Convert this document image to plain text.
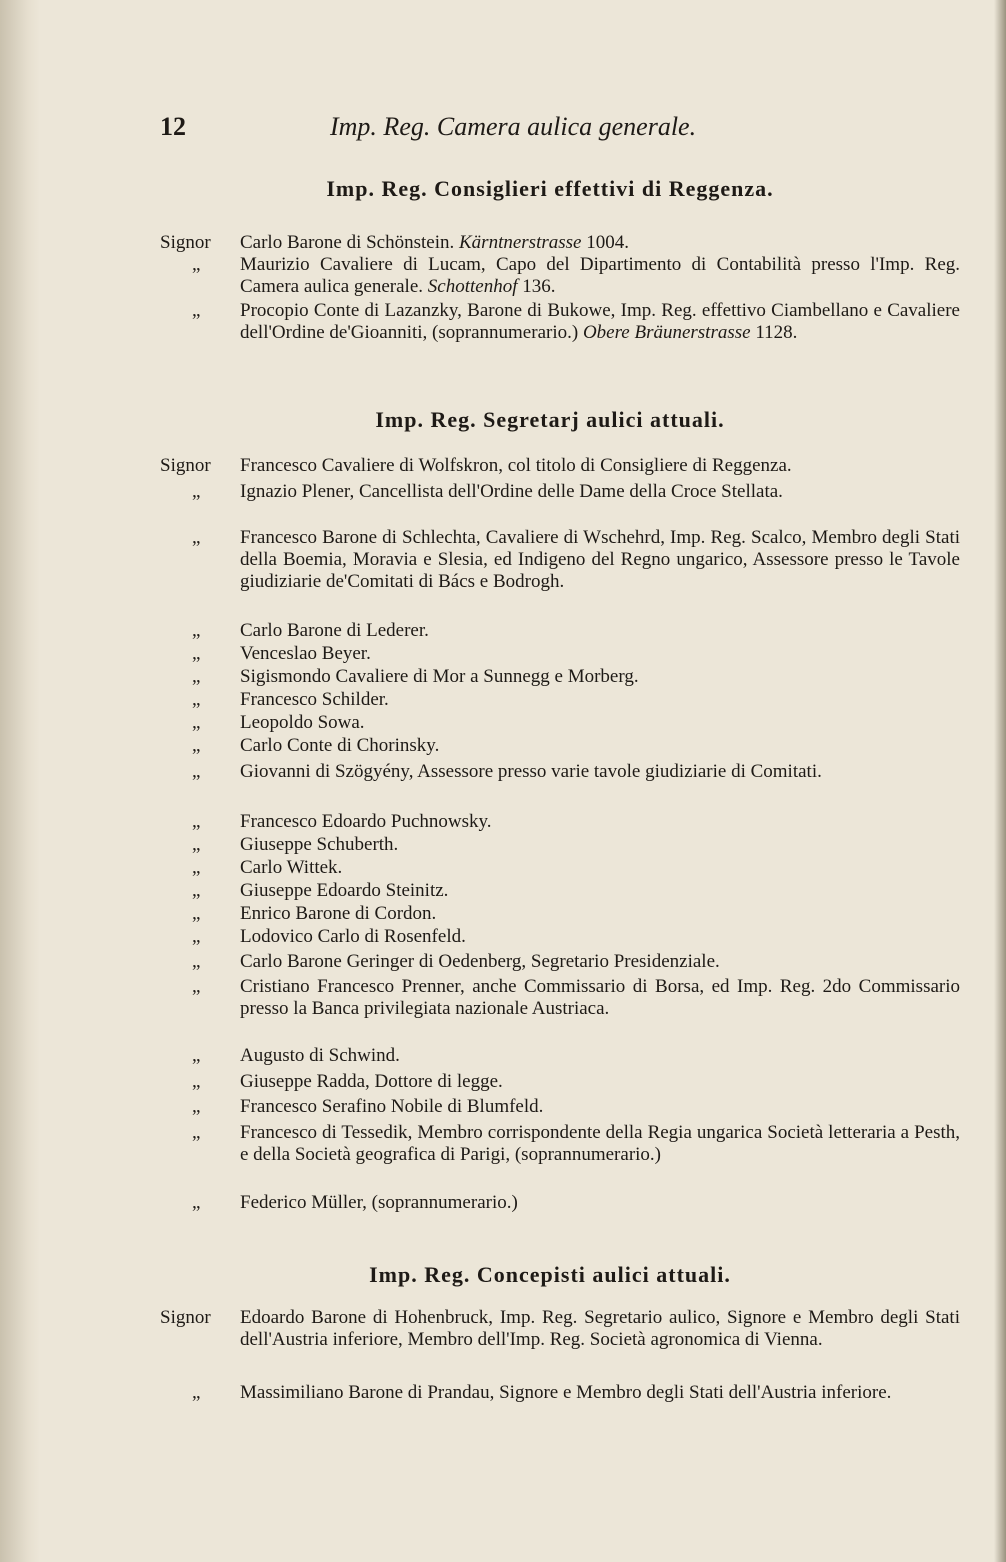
12	Imp. Reg. Camera aulica generale.
Imp. Reg. Consiglieri effettivi di Reggenza.
Signor	Carlo Barone di Schönstein. Kärntnerstrasse 1004.
„	Maurizio Cavaliere di Lucam, Capo del Dipartimento di Contabilità presso l'Imp. Reg. Camera aulica generale. Schottenhof 136.
„	Procopio Conte di Lazanzky, Barone di Bukowe, Imp. Reg. effettivo Ciambellano e Cavaliere dell'Ordine de'Gioanniti, (soprannumerario.) Obere Bräunerstrasse 1128.
Imp. Reg. Segretarj aulici attuali.
Signor	Francesco Cavaliere di Wolfskron, col titolo di Consigliere di Reggenza.
„	Ignazio Plener, Cancellista dell'Ordine delle Dame della Croce Stellata.
„	Francesco Barone di Schlechta, Cavaliere di Wschehrd, Imp. Reg. Scalco, Membro degli Stati della Boemia, Moravia e Slesia, ed Indigeno del Regno ungarico, Assessore presso le Tavole giudiziarie de'Comitati di Bács e Bodrogh.
„	Carlo Barone di Lederer.
„	Venceslao Beyer.
„	Sigismondo Cavaliere di Mor a Sunnegg e Morberg.
„	Francesco Schilder.
„	Leopoldo Sowa.
„	Carlo Conte di Chorinsky.
„	Giovanni di Szögyény, Assessore presso varie tavole giudiziarie di Comitati.
„	Francesco Edoardo Puchnowsky.
„	Giuseppe Schuberth.
„	Carlo Wittek.
„	Giuseppe Edoardo Steinitz.
„	Enrico Barone di Cordon.
„	Lodovico Carlo di Rosenfeld.
„	Carlo Barone Geringer di Oedenberg, Segretario Presidenziale.
„	Cristiano Francesco Prenner, anche Commissario di Borsa, ed Imp. Reg. 2do Commissario presso la Banca privilegiata nazionale Austriaca.
„	Augusto di Schwind.
„	Giuseppe Radda, Dottore di legge.
„	Francesco Serafino Nobile di Blumfeld.
„	Francesco di Tessedik, Membro corrispondente della Regia ungarica Società letteraria a Pesth, e della Società geografica di Parigi, (soprannumerario.)
„	Federico Müller, (soprannumerario.)
Imp. Reg. Concepisti aulici attuali.
Signor	Edoardo Barone di Hohenbruck, Imp. Reg. Segretario aulico, Signore e Membro degli Stati dell'Austria inferiore, Membro dell'Imp. Reg. Società agronomica di Vienna.
„	Massimiliano Barone di Prandau, Signore e Membro degli Stati dell'Austria inferiore.
